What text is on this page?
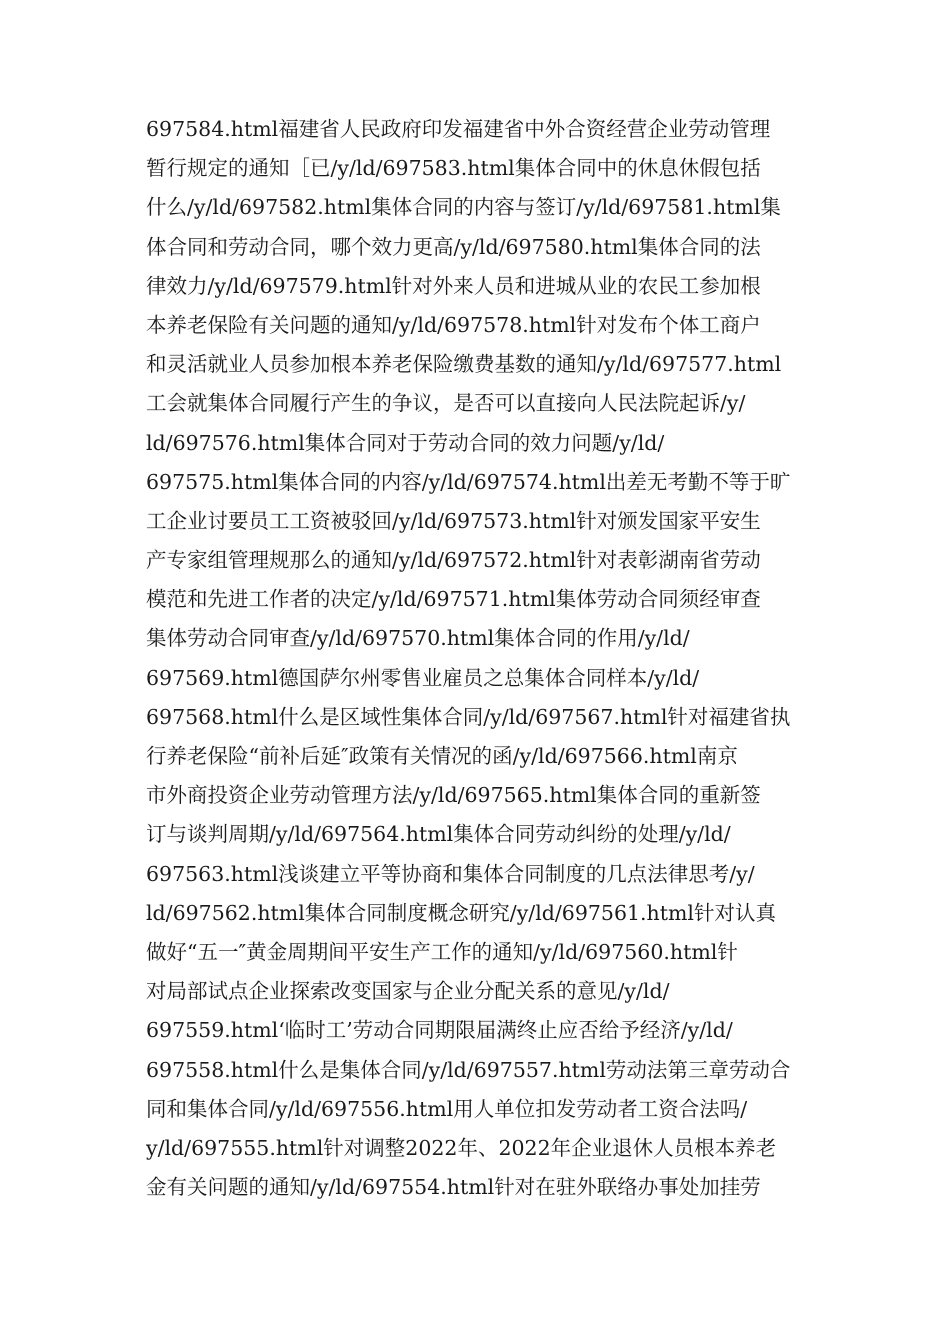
697584.html福建省人民政府印发福建省中外合资经营企业劳动管理
暂行规定的通知［已/y/ld/697583.html集体合同中的休息休假包括
什么/y/ld/697582.html集体合同的内容与签订/y/ld/697581.html集
体合同和劳动合同，哪个效力更高/y/ld/697580.html集体合同的法
律效力/y/ld/697579.html针对外来人员和进城从业的农民工参加根
本养老保险有关问题的通知/y/ld/697578.html针对发布个体工商户
和灵活就业人员参加根本养老保险缴费基数的通知/y/ld/697577.html
工会就集体合同履行产生的争议，是否可以直接向人民法院起诉/y/
ld/697576.html集体合同对于劳动合同的效力问题/y/ld/
697575.html集体合同的内容/y/ld/697574.html出差无考勤不等于旷
工企业讨要员工工资被驳回/y/ld/697573.html针对颁发国家平安生
产专家组管理规那么的通知/y/ld/697572.html针对表彰湖南省劳动
模范和先进工作者的决定/y/ld/697571.html集体劳动合同须经审查
集体劳动合同审查/y/ld/697570.html集体合同的作用/y/ld/
697569.html德国萨尔州零售业雇员之总集体合同样本/y/ld/
697568.html什么是区域性集体合同/y/ld/697567.html针对福建省执
行养老保险“前补后延″政策有关情况的函/y/ld/697566.html南京
市外商投资企业劳动管理方法/y/ld/697565.html集体合同的重新签
订与谈判周期/y/ld/697564.html集体合同劳动纠纷的处理/y/ld/
697563.html浅谈建立平等协商和集体合同制度的几点法律思考/y/
ld/697562.html集体合同制度概念研究/y/ld/697561.html针对认真
做好“五一″黄金周期间平安生产工作的通知/y/ld/697560.html针
对局部试点企业探索改变国家与企业分配关系的意见/y/ld/
697559.html‘临时工’劳动合同期限届满终止应否给予经济/y/ld/
697558.html什么是集体合同/y/ld/697557.html劳动法第三章劳动合
同和集体合同/y/ld/697556.html用人单位扣发劳动者工资合法吗/
y/ld/697555.html针对调整2022年、2022年企业退休人员根本养老
金有关问题的通知/y/ld/697554.html针对在驻外联络办事处加挂劳
